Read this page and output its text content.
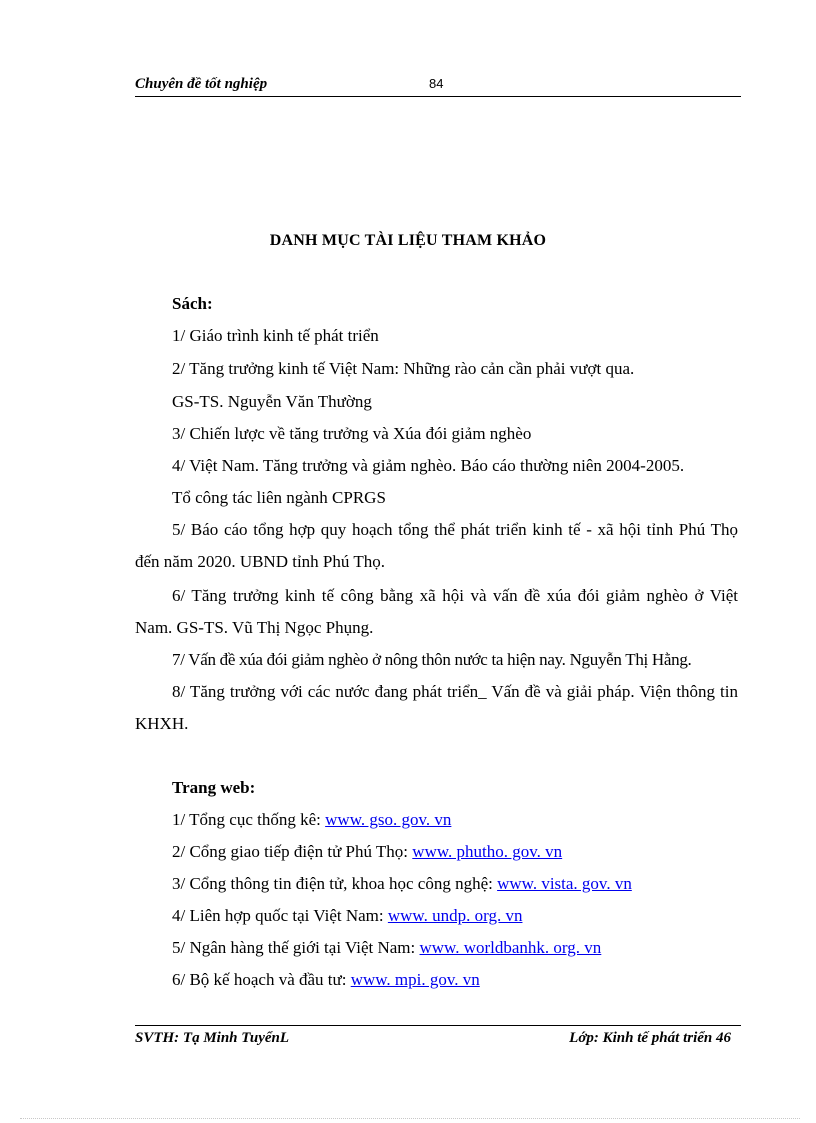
Chuyên đề tốt nghiệp	84
DANH MỤC TÀI LIỆU THAM KHẢO
Sách:
1/ Giáo trình kinh tế phát triển
2/ Tăng trưởng kinh tế Việt Nam: Những rào cản cần phải vượt qua.
GS-TS. Nguyễn Văn Thường
3/ Chiến lược về tăng trưởng và Xúa đói giảm nghèo
4/ Việt Nam. Tăng trưởng và giảm nghèo. Báo cáo thường niên 2004-2005.
Tổ công tác liên ngành CPRGS
5/ Báo cáo tổng hợp quy hoạch tổng thể phát triển kinh tế - xã hội tỉnh Phú Thọ đến năm 2020. UBND tỉnh Phú Thọ.
6/ Tăng trưởng kinh tế công bằng xã hội và vấn đề xúa đói giảm nghèo ở Việt Nam. GS-TS. Vũ Thị Ngọc Phụng.
7/ Vấn đề xúa đói giảm nghèo ở nông thôn nước ta hiện nay. Nguyễn Thị Hằng.
8/ Tăng trưởng với các nước đang phát triển_ Vấn đề và giải pháp. Viện thông tin KHXH.
Trang web:
1/ Tổng cục thống kê: www. gso. gov. vn
2/ Cổng giao tiếp điện tử Phú Thọ: www. phutho. gov. vn
3/ Cổng thông tin điện tử, khoa học công nghệ: www. vista. gov. vn
4/ Liên hợp quốc tại Việt Nam: www. undp. org. vn
5/ Ngân hàng thế giới tại Việt Nam: www. worldbanhk. org. vn
6/ Bộ kế hoạch và đầu tư: www. mpi. gov. vn
SVTH: Tạ Minh TuyểnL	Lớp: Kinh tế phát triển 46
